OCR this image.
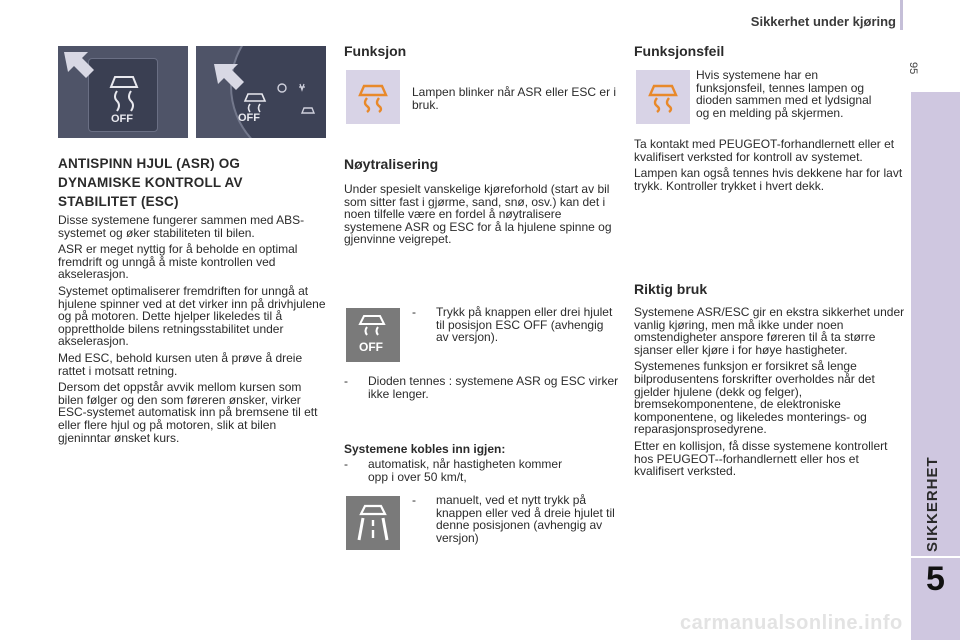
Sikkerhet under kjøring
95
SIKKERHET
5
OFF	OFF
ANTISPINN HJUL (ASR) OG DYNAMISKE KONTROLL AV STABILITET (ESC)

Disse systemene fungerer sammen med ABS-systemet og øker stabiliteten til bilen.

ASR er meget nyttig for å beholde en optimal fremdrift og unngå å miste kontrollen ved akselerasjon.

Systemet optimaliserer fremdriften for unngå at hjulene spinner ved at det virker inn på drivhjulene og på motoren. Dette hjelper likeledes til å opprettholde bilens retningsstabilitet under akselerasjon.

Med ESC, behold kursen uten å prøve å dreie rattet i motsatt retning.

Dersom det oppstår avvik mellom kursen som bilen følger og den som føreren ønsker, virker ESC-systemet automatisk inn på bremsene til ett eller flere hjul og på motoren, slik at bilen gjeninntar ønsket kurs.

Funksjon
Lampen blinker når ASR eller ESC er i bruk.
Nøytralisering
Under spesielt vanskelige kjøreforhold (start av bil som sitter fast i gjørme, sand, snø, osv.) kan det i noen tilfelle være en fordel å nøytralisere systemene ASR og ESC for å la hjulene spinne og gjenvinne veigrepet.
OFF
-	Trykk på knappen eller drei hjulet til posisjon ESC OFF (avhengig av versjon).
-	Dioden tennes : systemene ASR og ESC virker ikke lenger.
Systemene kobles inn igjen:
-	automatisk, når hastigheten kommer opp i over 50 km/t,
-	manuelt, ved et nytt trykk på knappen eller ved å dreie hjulet til denne posisjonen (avhengig av versjon)
Funksjonsfeil
Hvis systemene har en funksjonsfeil, tennes lampen og dioden sammen med et lydsignal og en melding på skjermen.

Ta kontakt med PEUGEOT-forhandlernett eller et kvalifisert verksted for kontroll av systemet.

Lampen kan også tennes hvis dekkene har for lavt trykk. Kontroller trykket i hvert dekk.

Riktig bruk

Systemene ASR/ESC gir en ekstra sikkerhet under vanlig kjøring, men må ikke under noen omstendigheter anspore føreren til å ta større sjanser eller kjøre i for høye hastigheter.

Systemenes funksjon er forsikret så lenge bilprodusentens forskrifter overholdes når det gjelder hjulene (dekk og felger), bremsekomponentene, de elektroniske komponentene, og likeledes monterings- og reparasjonsprosedyrene.

Etter en kollisjon, få disse systemene kontrollert hos PEUGEOT--forhandlernett eller hos et kvalifisert verksted.

carmanualsonline.info
